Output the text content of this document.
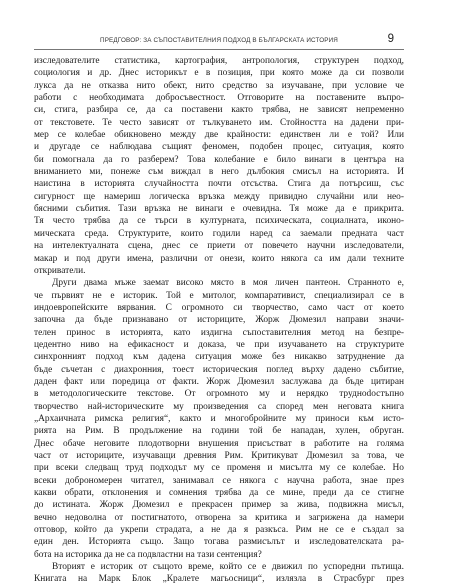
ПРЕДГОВОР: ЗА СЪПОСТАВИТЕЛНИЯ ПОДХОД В БЪЛГАРСКАТА ИСТОРИЯ	9
изследователите статистика, картография, антропология, структурен подход,
социология и др. Днес историкът е в позиция, при която може да си позволи
лукса да не отказва нито обект, нито средство за изучаване, при условие че
работи с необходимата добросъвестност. Отговорите на поставените въпро-
си, стига, разбира се, да са поставени както трябва, не зависят непременно
от текстовете. Те често зависят от тълкуването им. Стойността на дадени при-
мер се колебае обикновено между две крайности: единствен ли е той? Или
и другаде се наблюдава същият феномен, подобен процес, ситуация, която
би помогнала да го разберем? Това колебание е било винаги в центъра на
вниманието ми, понеже съм виждал в него дълбокия смисъл на историята. И
наистина в историята случайността почти отсъства. Стига да потърсиш, със
сигурност ще намериш логическа връзка между привидно случайни или нео-
бясними събития. Тази връзка не винаги е очевидна. Тя може да е прикрита.
Тя често трябва да се търси в културната, психическата, социалната, иконо-
мическата среда. Структурите, които годили наред са заемали предната част
на интелектуалната сцена, днес се приети от повечето научни изследователи,
макар и под други имена, различни от онези, които някога са им дали техните
откриватели.
Други двама мъже заемат високо място в моя личен пантеон. Странното е,
че първият не е историк. Той е митолог, компаративист, специализирал се в
индоевропейските вярвания. С огромното си творчество, само част от което
започна да бъде признавано от историците, Жорж Дюмезил направи значи-
телен принос в историята, като издигна съпоставителния метод на безпре-
цедентно ниво на ефикасност и доказа, че при изучаването на структурите
синхронният подход към дадена ситуация може без никакво затруднение да
бъде съчетан с диахронния, тоест историческия поглед върху дадено събитие,
даден факт или поредица от факти. Жорж Дюмезил заслужава да бъде цитиран
в методологическите текстове. От огромното му и нерядко трудноdостъпно
творчество най-историческите му произведения са според мен неговата книга
„Архаичната римска религия“, както и многобройните му приноси към исто-
рията на Рим. В продължение на години той бе нападан, хулен, обруган.
Днес обаче неговите плодотворни внушения присъстват в работите на голяма
част от историците, изучаващи древния Рим. Критикуват Дюмезил за това, че
при всеки следващ труд подходът му се променя и мисълта му се колебае. Но
всеки доброномерен читател, занимавал се някога с научна работа, знае през
какви обрати, отклонения и сомнения трябва да се мине, преди да се стигне
до истината. Жорж Дюмезил е прекрасен пример за жива, подвижна мисъл,
вечно недоволна от постигнатото, отворена за критика и загрижена да намери
отговор, който да укрепи страдата, а не да я разкъса. Рим не се е създал за
един ден. Историята също. Защо тогава размисълът и изследователската ра-
бота на историка да не са подвластни на тази сентенция?
Вторият е историк от същото време, който се е движил по успоредни пътища.
Книгата на Марк Блок „Кралете магьосници“, излязла в Страсбург през
